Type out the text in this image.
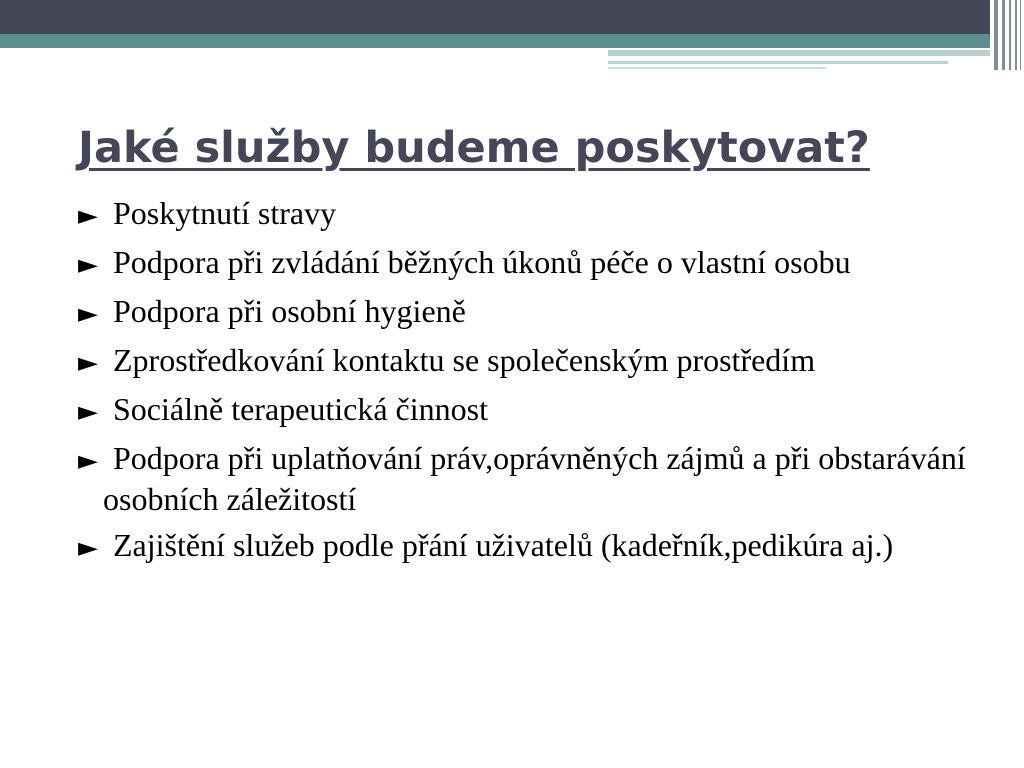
Jaké služby budeme poskytovat?
► Poskytnutí stravy
► Podpora při zvládání běžných úkonů péče o vlastní osobu
► Podpora při osobní hygieně
► Zprostředkování kontaktu se společenským prostředím
► Sociálně terapeutická činnost
► Podpora při uplatňování práv,oprávněných zájmů a při obstarávání osobních záležitostí
► Zajištění služeb podle přání uživatelů (kadeřník,pedikúra aj.)
